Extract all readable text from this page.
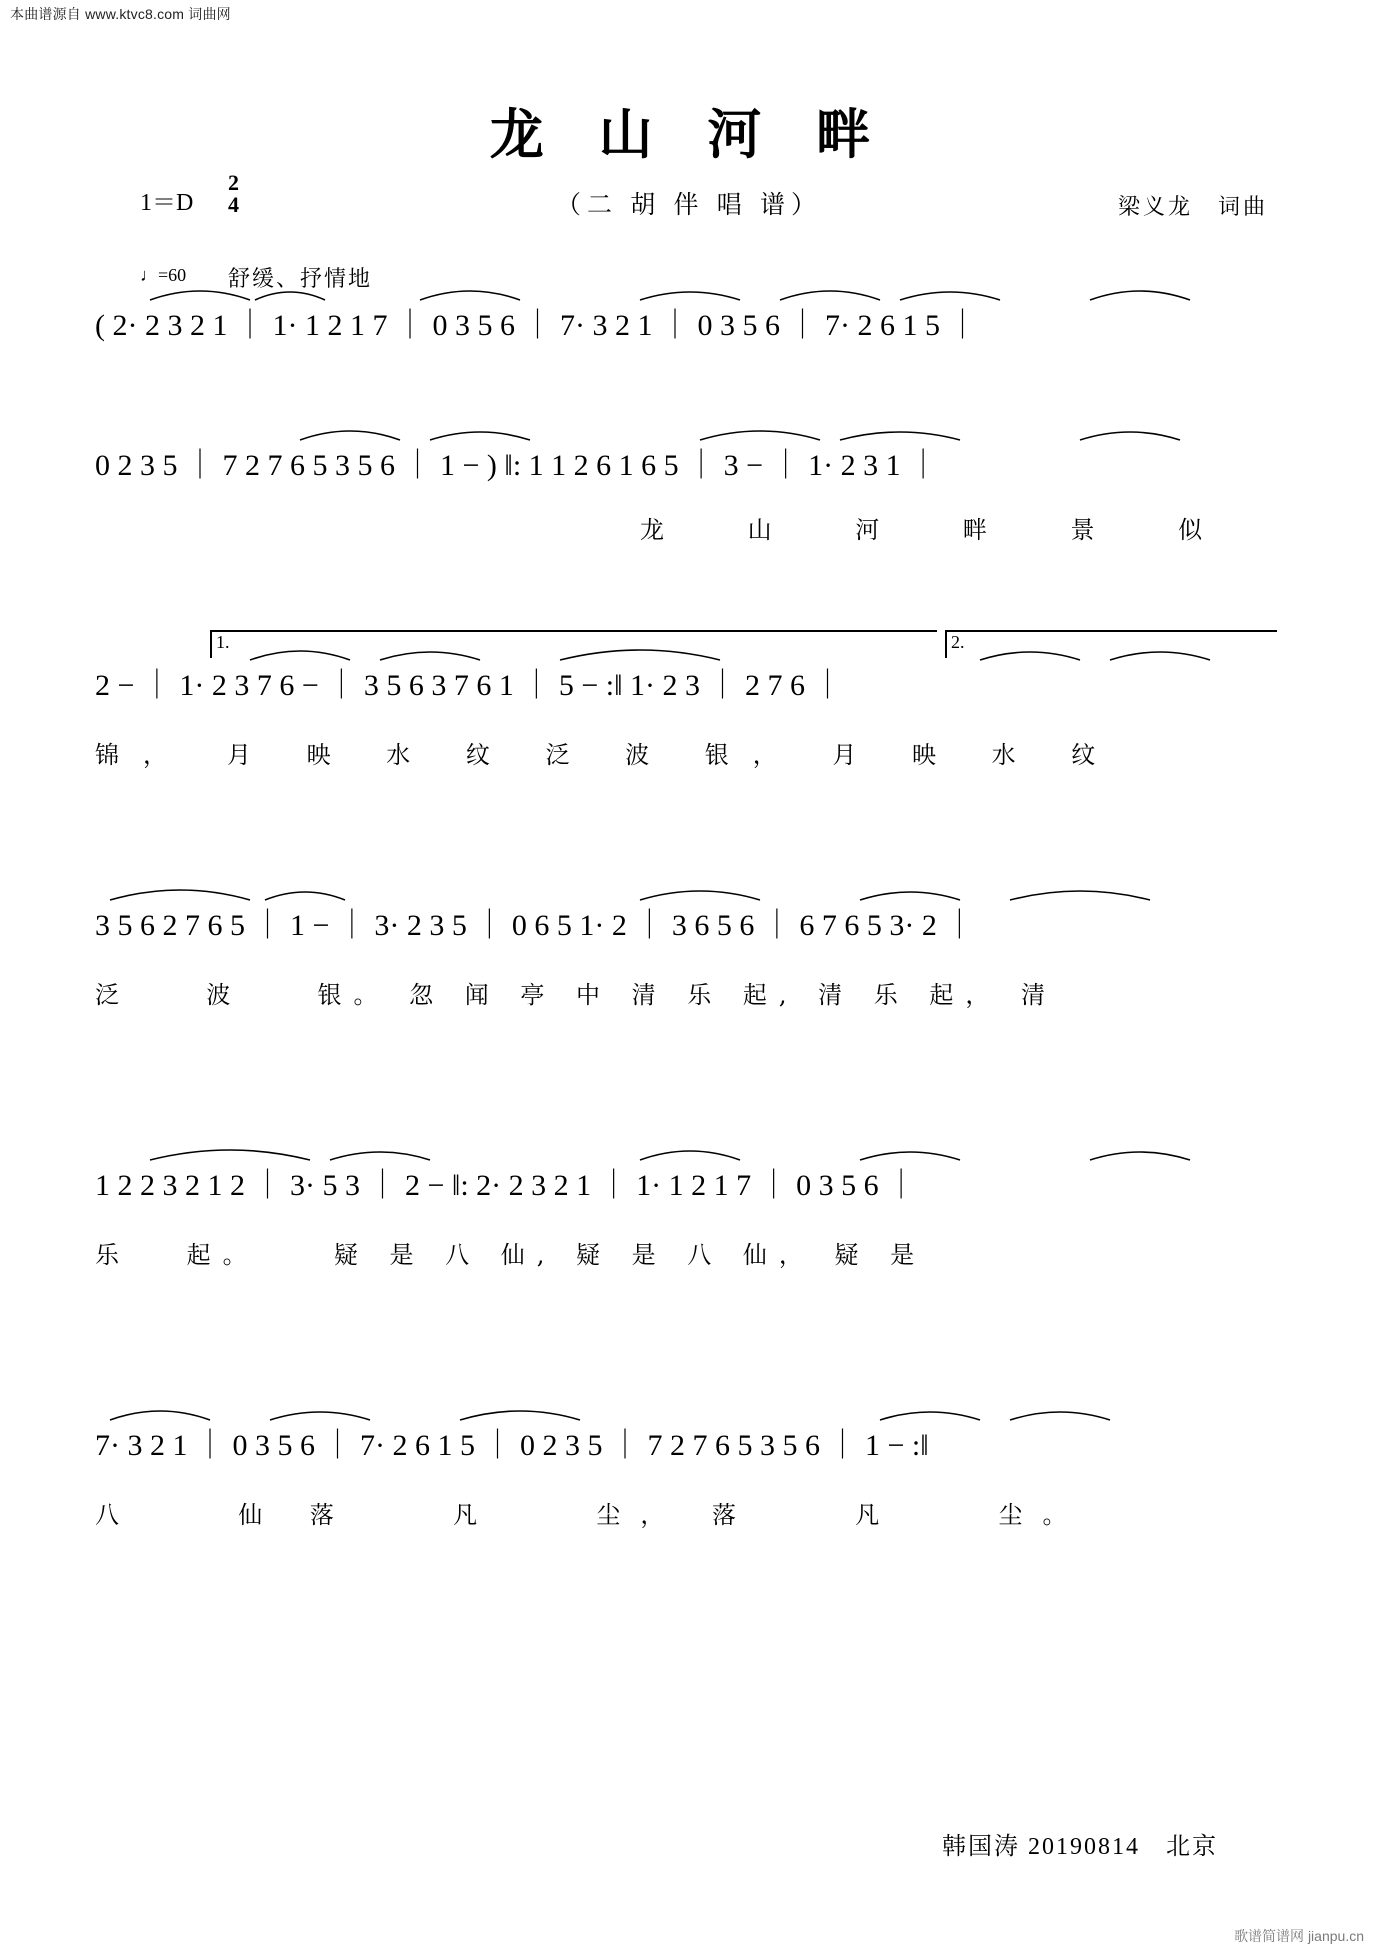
本曲谱源自 www.ktvc8.com 词曲网
龙 山 河 畔
（二 胡 伴 唱 谱）
1＝D
2
4	梁义龙　词曲
♩=60 舒缓、抒情地
( 2· 2 3 2 1 ｜ 1· 1 2 1 7 ｜ 0 3 5 6 ｜ 7· 3 2 1 ｜ 0 3 5 6 ｜ 7· 2 6 1 5 ｜
0 2 3 5 ｜ 7 2 7 6 5 3 5 6 ｜ 1 − ) ‖: 1 1 2 6 1 6 5 ｜ 3 − ｜ 1· 2 3 1 ｜
龙 山 河 畔 景 似
2 − ｜ 1· 2 3 7 6 − ｜ 3 5 6 3 7 6 1 ｜ 5 − :‖ 1· 2 3 ｜ 2 7 6 ｜
锦，　月 映 水 纹 泛 波 银， 月 映 水 纹
1.	2.
3 5 6 2 7 6 5 ｜ 1 − ｜ 3· 2 3 5 ｜ 0 6 5 1· 2 ｜ 3 6 5 6 ｜ 6 7 6 5 3· 2 ｜
泛 　 波 　 银。 忽 闻 亭 中 清 乐 起, 清 乐 起， 清
1 2 2 3 2 1 2 ｜ 3· 5 3 ｜ 2 − ‖: 2· 2 3 2 1 ｜ 1· 1 2 1 7 ｜ 0 3 5 6 ｜
乐 　起。 　 疑 是 八 仙, 疑 是 八 仙， 疑 是
7· 3 2 1 ｜ 0 3 5 6 ｜ 7· 2 6 1 5 ｜ 0 2 3 5 ｜ 7 2 7 6 5 3 5 6 ｜ 1 − :‖
八 　 仙 落 　 凡 　 尘， 落 　 凡 　 尘。
韩国涛 20190814　北京
歌谱简谱网 jianpu.cn
